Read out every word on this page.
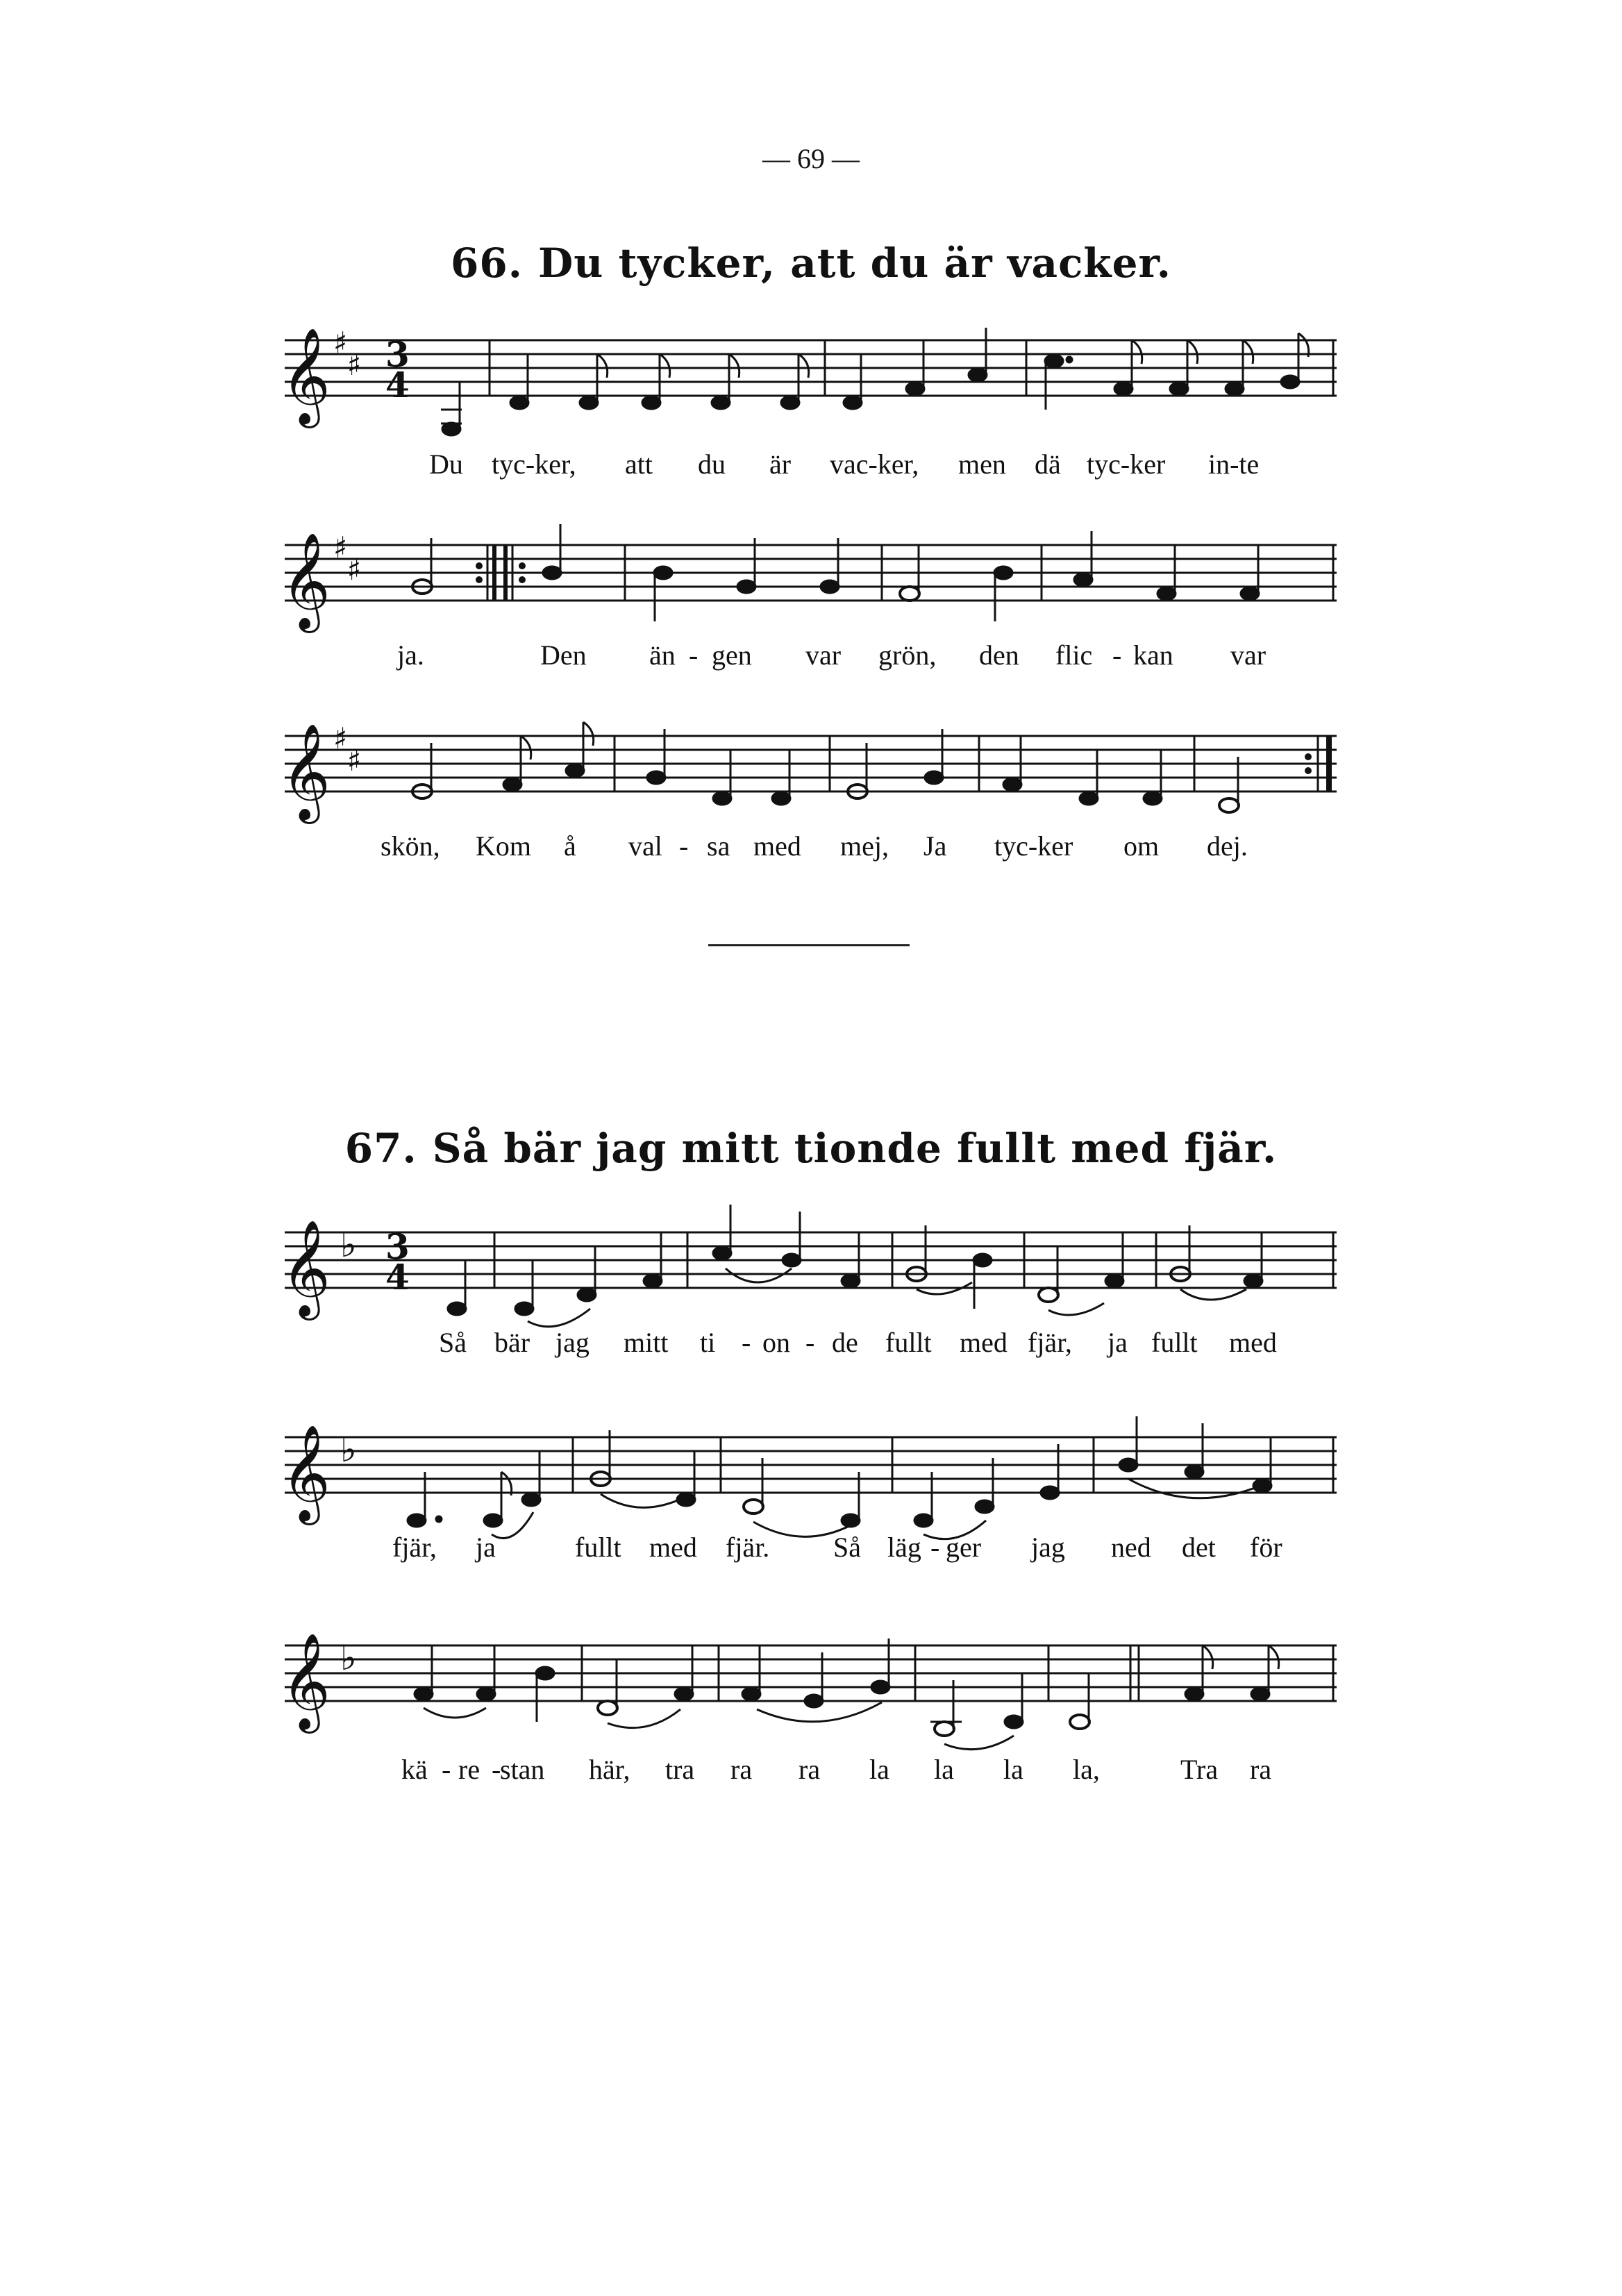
— 69 —
66. Du tycker, att du är vacker.
𝄞 ♯
♯ 3
4
Du tyc-ker, att du är vac-ker, men dä tyc-ker in-te
𝄞 ♯
♯
ja.	Den än - gen var grön, den flic - kan var
𝄞 ♯
♯
skön, Kom å val - sa med mej, Ja tyc-ker om dej.
67. Så bär jag mitt tionde fullt med fjär.
𝄞 ♭ 3
4
Så bär jag mitt ti - on - de fullt med fjär, ja fullt med
𝄞 ♭
fjär, ja	fullt med fjär. Så läg - ger jag ned det för
𝄞 ♭
kä - re -
stan här, tra ra ra la la la la,	Tra ra
